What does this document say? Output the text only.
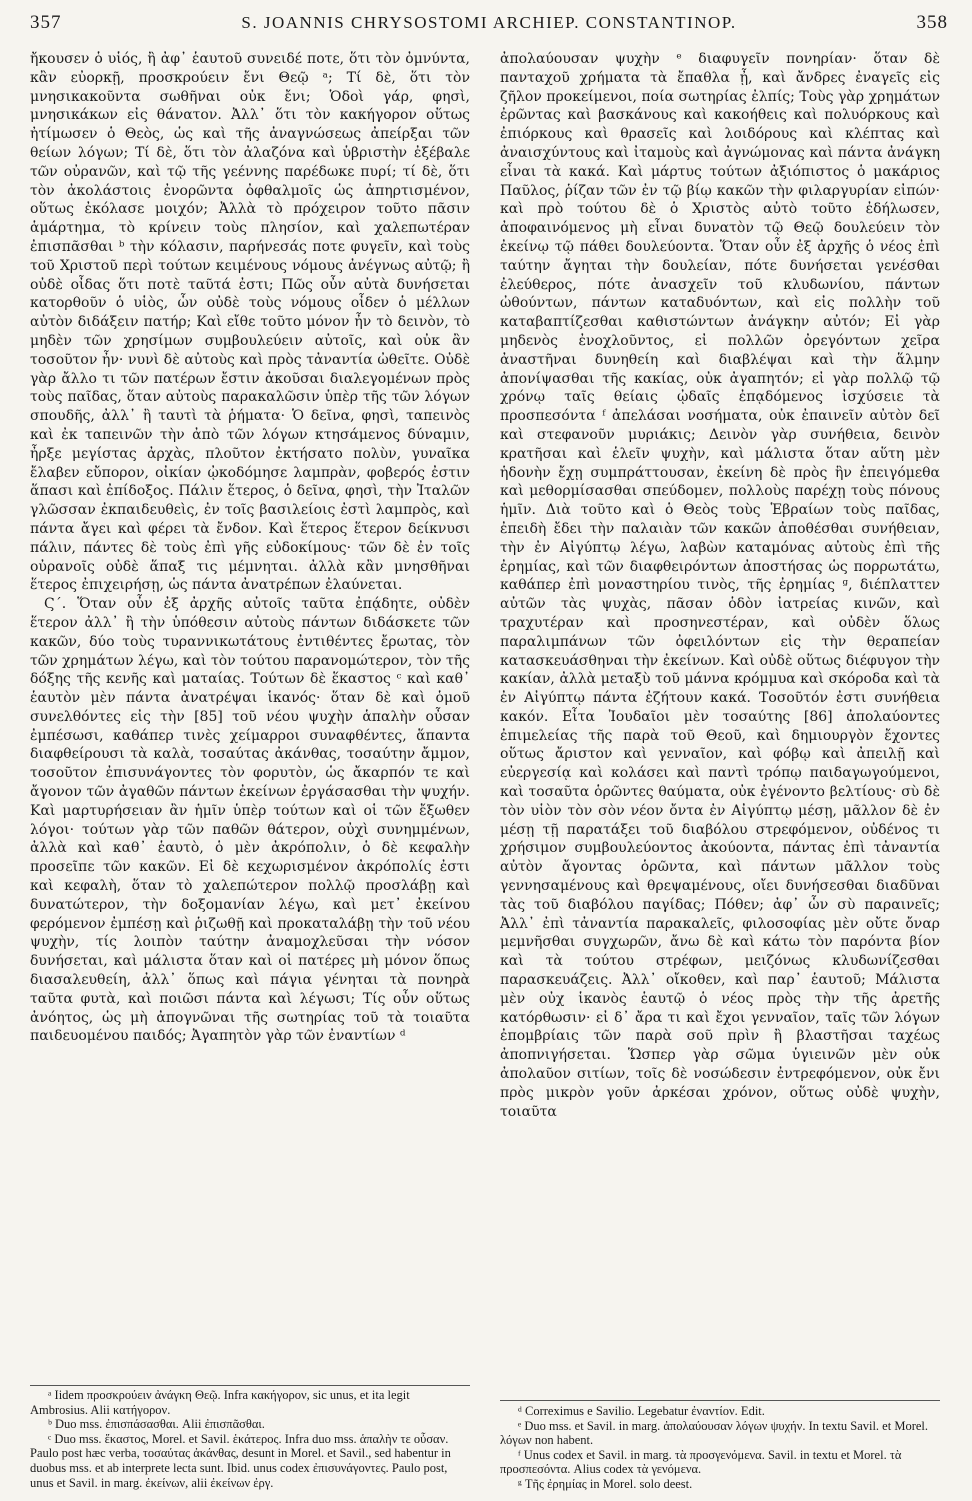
357	S. JOANNIS CHRYSOSTOMI ARCHIEP. CONSTANTINOP.	358

ἤκουσεν ὁ υἱός, ἢ ἀφ᾽ ἑαυτοῦ συνειδέ ποτε, ὅτι τὸν ὀμνύντα, κἂν εὐορκῇ, προσκρούειν ἔνι Θεῷ ᵃ; Τί δὲ, ὅτι τὸν μνησικακοῦντα σωθῆναι οὐκ ἔνι; Ὁδοὶ γάρ, φησὶ, μνησικάκων εἰς θάνατον. Ἀλλ᾽ ὅτι τὸν κακήγορον οὕτως ἠτίμωσεν ὁ Θεὸς, ὡς καὶ τῆς ἀναγνώσεως ἀπείρξαι τῶν θείων λόγων; Τί δὲ, ὅτι τὸν ἀλαζόνα καὶ ὑβριστὴν ἐξέβαλε τῶν οὐρανῶν, καὶ τῷ τῆς γεέννης παρέδωκε πυρί; τί δὲ, ὅτι τὸν ἀκολάστοις ἐνορῶντα ὀφθαλμοῖς ὡς ἀπηρτισμένον, οὕτως ἐκόλασε μοιχόν; Ἀλλὰ τὸ πρόχειρον τοῦτο πᾶσιν ἁμάρτημα, τὸ κρίνειν τοὺς πλησίον, καὶ χαλεπωτέραν ἐπισπᾶσθαι ᵇ τὴν κόλασιν, παρήνεσάς ποτε φυγεῖν, καὶ τοὺς τοῦ Χριστοῦ περὶ τούτων κειμένους νόμους ἀνέγνως αὐτῷ; ἢ οὐδὲ οἶδας ὅτι ποτὲ ταῦτά ἐστι; Πῶς οὖν αὐτὰ δυνήσεται κατορθοῦν ὁ υἱὸς, ὧν οὐδὲ τοὺς νόμους οἶδεν ὁ μέλλων αὐτὸν διδάξειν πατήρ; Καὶ εἴθε τοῦτο μόνον ἦν τὸ δεινὸν, τὸ μηδὲν τῶν χρησίμων συμβουλεύειν αὐτοῖς, καὶ οὐκ ἂν τοσοῦτον ἦν· νυνὶ δὲ αὐτοὺς καὶ πρὸς τἀναντία ὠθεῖτε. Οὐδὲ γὰρ ἄλλο τι τῶν πατέρων ἔστιν ἀκοῦσαι διαλεγομένων πρὸς τοὺς παῖδας, ὅταν αὐτοὺς παρακαλῶσιν ὑπὲρ τῆς τῶν λόγων σπουδῆς, ἀλλ᾽ ἢ ταυτὶ τὰ ῥήματα· Ὁ δεῖνα, φησὶ, ταπεινὸς καὶ ἐκ ταπεινῶν τὴν ἀπὸ τῶν λόγων κτησάμενος δύναμιν, ἦρξε μεγίστας ἀρχὰς, πλοῦτον ἐκτήσατο πολὺν, γυναῖκα ἔλαβεν εὔπορον, οἰκίαν ᾠκοδόμησε λαμπρὰν, φοβερός ἐστιν ἅπασι καὶ ἐπίδοξος. Πάλιν ἕτερος, ὁ δεῖνα, φησὶ, τὴν Ἰταλῶν γλῶσσαν ἐκπαιδευθεὶς, ἐν τοῖς βασιλείοις ἐστὶ λαμπρὸς, καὶ πάντα ἄγει καὶ φέρει τὰ ἔνδον. Καὶ ἕτερος ἕτερον δείκνυσι πάλιν, πάντες δὲ τοὺς ἐπὶ γῆς εὐδοκίμους· τῶν δὲ ἐν τοῖς οὐρανοῖς οὐδὲ ἅπαξ τις μέμνηται. ἀλλὰ κἂν μνησθῆναι ἕτερος ἐπιχειρήσῃ, ὡς πάντα ἀνατρέπων ἐλαύνεται.

Ϛ΄. Ὅταν οὖν ἐξ ἀρχῆς αὐτοῖς ταῦτα ἐπᾴδητε, οὐδὲν ἕτερον ἀλλ᾽ ἢ τὴν ὑπόθεσιν αὐτοὺς πάντων διδάσκετε τῶν κακῶν, δύο τοὺς τυραννικωτάτους ἐντιθέντες ἔρωτας, τὸν τῶν χρημάτων λέγω, καὶ τὸν τούτου παρανομώτερον, τὸν τῆς δόξης τῆς κενῆς καὶ ματαίας. Τούτων δὲ ἕκαστος ᶜ καὶ καθ᾽ ἑαυτὸν μὲν πάντα ἀνατρέψαι ἱκανός· ὅταν δὲ καὶ ὁμοῦ συνελθόντες εἰς τὴν [85] τοῦ νέου ψυχὴν ἁπαλὴν οὖσαν ἐμπέσωσι, καθάπερ τινὲς χείμαρροι συναφθέντες, ἅπαντα διαφθείρουσι τὰ καλὰ, τοσαύτας ἀκάνθας, τοσαύτην ἄμμον, τοσοῦτον ἐπισυνάγοντες τὸν φορυτὸν, ὡς ἄκαρπόν τε καὶ ἄγονον τῶν ἀγαθῶν πάντων ἐκείνων ἐργάσασθαι τὴν ψυχήν. Καὶ μαρτυρήσειαν ἂν ἡμῖν ὑπὲρ τούτων καὶ οἱ τῶν ἔξωθεν λόγοι· τούτων γὰρ τῶν παθῶν θάτερον, οὐχὶ συνημμένων, ἀλλὰ καὶ καθ᾽ ἑαυτὸ, ὁ μὲν ἀκρόπολιν, ὁ δὲ κεφαλὴν προσεῖπε τῶν κακῶν. Εἰ δὲ κεχωρισμένον ἀκρόπολίς ἐστι καὶ κεφαλὴ, ὅταν τὸ χαλεπώτερον πολλῷ προσλάβῃ καὶ δυνατώτερον, τὴν δοξομανίαν λέγω, καὶ μετ᾽ ἐκείνου φερόμενον ἐμπέσῃ καὶ ῥιζωθῇ καὶ προκαταλάβῃ τὴν τοῦ νέου ψυχὴν, τίς λοιπὸν ταύτην ἀναμοχλεῦσαι τὴν νόσον δυνήσεται, καὶ μάλιστα ὅταν καὶ οἱ πατέρες μὴ μόνον ὅπως διασαλευθείη, ἀλλ᾽ ὅπως καὶ πάγια γένηται τὰ πονηρὰ ταῦτα φυτὰ, καὶ ποιῶσι πάντα καὶ λέγωσι; Τίς οὖν οὕτως ἀνόητος, ὡς μὴ ἀπογνῶναι τῆς σωτηρίας τοῦ τὰ τοιαῦτα παιδευομένου παιδός; Ἀγαπητὸν γὰρ τῶν ἐναντίων ᵈ

ἀπολαύουσαν ψυχὴν ᵉ διαφυγεῖν πονηρίαν· ὅταν δὲ πανταχοῦ χρήματα τὰ ἔπαθλα ᾖ, καὶ ἄνδρες ἐναγεῖς εἰς ζῆλον προκείμενοι, ποία σωτηρίας ἐλπίς; Τοὺς γὰρ χρημάτων ἐρῶντας καὶ βασκάνους καὶ κακοήθεις καὶ πολυόρκους καὶ ἐπιόρκους καὶ θρασεῖς καὶ λοιδόρους καὶ κλέπτας καὶ ἀναισχύντους καὶ ἰταμοὺς καὶ ἀγνώμονας καὶ πάντα ἀνάγκη εἶναι τὰ κακά. Καὶ μάρτυς τούτων ἀξιόπιστος ὁ μακάριος Παῦλος, ῥίζαν τῶν ἐν τῷ βίῳ κακῶν τὴν φιλαργυρίαν εἰπών· καὶ πρὸ τούτου δὲ ὁ Χριστὸς αὐτὸ τοῦτο ἐδήλωσεν, ἀποφαινόμενος μὴ εἶναι δυνατὸν τῷ Θεῷ δουλεύειν τὸν ἐκείνῳ τῷ πάθει δουλεύοντα. Ὅταν οὖν ἐξ ἀρχῆς ὁ νέος ἐπὶ ταύτην ἄγηται τὴν δουλείαν, πότε δυνήσεται γενέσθαι ἐλεύθερος, πότε ἀνασχεῖν τοῦ κλυδωνίου, πάντων ὠθούντων, πάντων καταδυόντων, καὶ εἰς πολλὴν τοῦ καταβαπτίζεσθαι καθιστώντων ἀνάγκην αὐτόν; Εἰ γὰρ μηδενὸς ἐνοχλοῦντος, εἰ πολλῶν ὀρεγόντων χεῖρα ἀναστῆναι δυνηθείη καὶ διαβλέψαι καὶ τὴν ἅλμην ἀπονίψασθαι τῆς κακίας, οὐκ ἀγαπητόν; εἰ γὰρ πολλῷ τῷ χρόνῳ ταῖς θείαις ᾠδαῖς ἐπᾳδόμενος ἰσχύσειε τὰ προσπεσόντα ᶠ ἀπελάσαι νοσήματα, οὐκ ἐπαινεῖν αὐτὸν δεῖ καὶ στεφανοῦν μυριάκις; Δεινὸν γὰρ συνήθεια, δεινὸν κρατῆσαι καὶ ἑλεῖν ψυχὴν, καὶ μάλιστα ὅταν αὕτη μὲν ἡδονὴν ἔχῃ συμπράττουσαν, ἐκείνη δὲ πρὸς ἣν ἐπειγόμεθα καὶ μεθορμίσασθαι σπεύδομεν, πολλοὺς παρέχῃ τοὺς πόνους ἡμῖν. Διὰ τοῦτο καὶ ὁ Θεὸς τοὺς Ἑβραίων τοὺς παῖδας, ἐπειδὴ ἔδει τὴν παλαιὰν τῶν κακῶν ἀποθέσθαι συνήθειαν, τὴν ἐν Αἰγύπτῳ λέγω, λαβὼν καταμόνας αὐτοὺς ἐπὶ τῆς ἐρημίας, καὶ τῶν διαφθειρόντων ἀποστήσας ὡς πορρωτάτω, καθάπερ ἐπὶ μοναστηρίου τινὸς, τῆς ἐρημίας ᵍ, διέπλαττεν αὐτῶν τὰς ψυχὰς, πᾶσαν ὁδὸν ἰατρείας κινῶν, καὶ τραχυτέραν καὶ προσηνεστέραν, καὶ οὐδὲν ὅλως παραλιμπάνων τῶν ὀφειλόντων εἰς τὴν θεραπείαν κατασκευάσθηναι τὴν ἐκείνων. Καὶ οὐδὲ οὕτως διέφυγον τὴν κακίαν, ἀλλὰ μεταξὺ τοῦ μάννα κρόμμυα καὶ σκόροδα καὶ τὰ ἐν Αἰγύπτῳ πάντα ἐζήτουν κακά. Τοσοῦτόν ἐστι συνήθεια κακόν. Εἶτα Ἰουδαῖοι μὲν τοσαύτης [86] ἀπολαύοντες ἐπιμελείας τῆς παρὰ τοῦ Θεοῦ, καὶ δημιουργὸν ἔχοντες οὕτως ἄριστον καὶ γενναῖον, καὶ φόβῳ καὶ ἀπειλῇ καὶ εὐεργεσίᾳ καὶ κολάσει καὶ παντὶ τρόπῳ παιδαγωγούμενοι, καὶ τοσαῦτα ὁρῶντες θαύματα, οὐκ ἐγένοντο βελτίους· σὺ δὲ τὸν υἱὸν τὸν σὸν νέον ὄντα ἐν Αἰγύπτῳ μέσῃ, μᾶλλον δὲ ἐν μέσῃ τῇ παρατάξει τοῦ διαβόλου στρεφόμενον, οὐδένος τι χρήσιμον συμβουλεύοντος ἀκούοντα, πάντας ἐπὶ τἀναντία αὐτὸν ἄγοντας ὁρῶντα, καὶ πάντων μᾶλλον τοὺς γεννησαμένους καὶ θρεψαμένους, οἴει δυνήσεσθαι διαδῦναι τὰς τοῦ διαβόλου παγίδας; Πόθεν; ἀφ᾽ ὧν σὺ παραινεῖς; Ἀλλ᾽ ἐπὶ τἀναντία παρακαλεῖς, φιλοσοφίας μὲν οὔτε ὄναρ μεμνῆσθαι συγχωρῶν, ἄνω δὲ καὶ κάτω τὸν παρόντα βίον καὶ τὰ τούτου στρέφων, μειζόνως κλυδωνίζεσθαι παρασκευάζεις. Ἀλλ᾽ οἴκοθεν, καὶ παρ᾽ ἑαυτοῦ; Μάλιστα μὲν οὐχ ἱκανὸς ἑαυτῷ ὁ νέος πρὸς τὴν τῆς ἀρετῆς κατόρθωσιν· εἰ δ᾽ ἄρα τι καὶ ἔχοι γενναῖον, ταῖς τῶν λόγων ἐπομβρίαις τῶν παρὰ σοῦ πρὶν ἢ βλαστῆσαι ταχέως ἀποπνιγήσεται. Ὥσπερ γὰρ σῶμα ὑγιεινῶν μὲν οὐκ ἀπολαῦον σιτίων, τοῖς δὲ νοσώδεσιν ἐντρεφόμενον, οὐκ ἔνι πρὸς μικρὸν γοῦν ἀρκέσαι χρόνον, οὕτως οὐδὲ ψυχὴν, τοιαῦτα

ᵃ Iidem προσκρούειν ἀνάγκη Θεῷ. Infra κακήγορον, sic unus, et ita legit Ambrosius. Alii κατήγορον.

ᵇ Duo mss. ἐπισπάσασθαι. Alii ἐπισπᾶσθαι.

ᶜ Duo mss. ἕκαστος, Morel. et Savil. ἑκάτερος. Infra duo mss. ἁπαλὴν τε οὖσαν. Paulo post hæc verba, τοσαύτας ἀκάνθας, desunt in Morel. et Savil., sed habentur in duobus mss. et ab interprete lecta sunt. Ibid. unus codex ἐπισυνάγοντες. Paulo post, unus et Savil. in marg. ἐκείνων, alii ἐκείνων ἐργ.

ᵈ Correximus e Savilio. Legebatur ἐναντίον. Edit.

ᵉ Duo mss. et Savil. in marg. ἀπολαύουσαν λόγων ψυχήν. In textu Savil. et Morel. λόγων non habent.

ᶠ Unus codex et Savil. in marg. τὰ προσγενόμενα. Savil. in textu et Morel. τὰ προσπεσόντα. Alius codex τὰ γενόμενα.

ᵍ Τῆς ἐρημίας in Morel. solo deest.
